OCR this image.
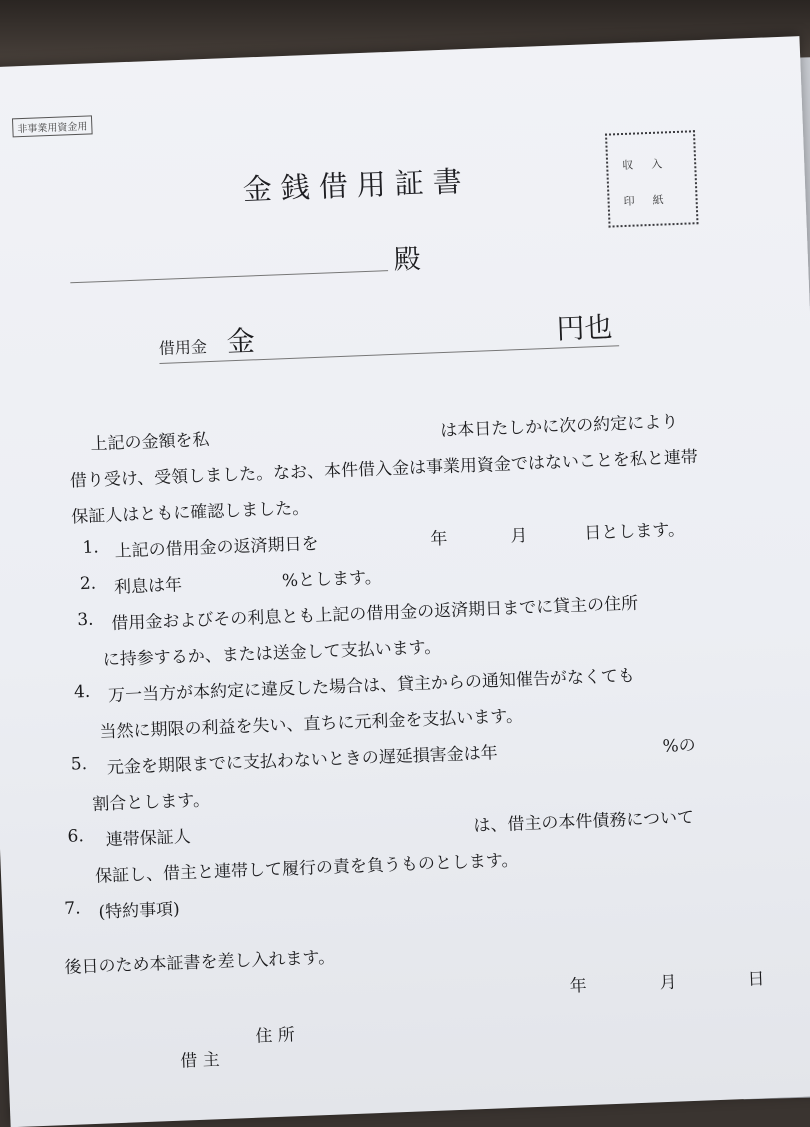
非事業用資金用
金銭借用証書	収入
印紙
殿
借用金 金	円也
上記の金額を私
は本日たしかに次の約定により
借り受け、受領しました。なお、本件借入金は事業用資金ではないことを私と連帯
保証人はともに確認しました。
1. 上記の借用金の返済期日を	年	月	日とします。
2. 利息は年	%とします。
3. 借用金およびその利息とも上記の借用金の返済期日までに貸主の住所
に持参するか、または送金して支払います。
4. 万一当方が本約定に違反した場合は、貸主からの通知催告がなくても
当然に期限の利益を失い、直ちに元利金を支払います。
5. 元金を期限までに支払わないときの遅延損害金は年	%の
割合とします。
6. 連帯保証人
は、借主の本件債務について
保証し、借主と連帯して履行の責を負うものとします。
7. (特約事項)
後日のため本証書を差し入れます。
年	月	日
住 所
借 主
